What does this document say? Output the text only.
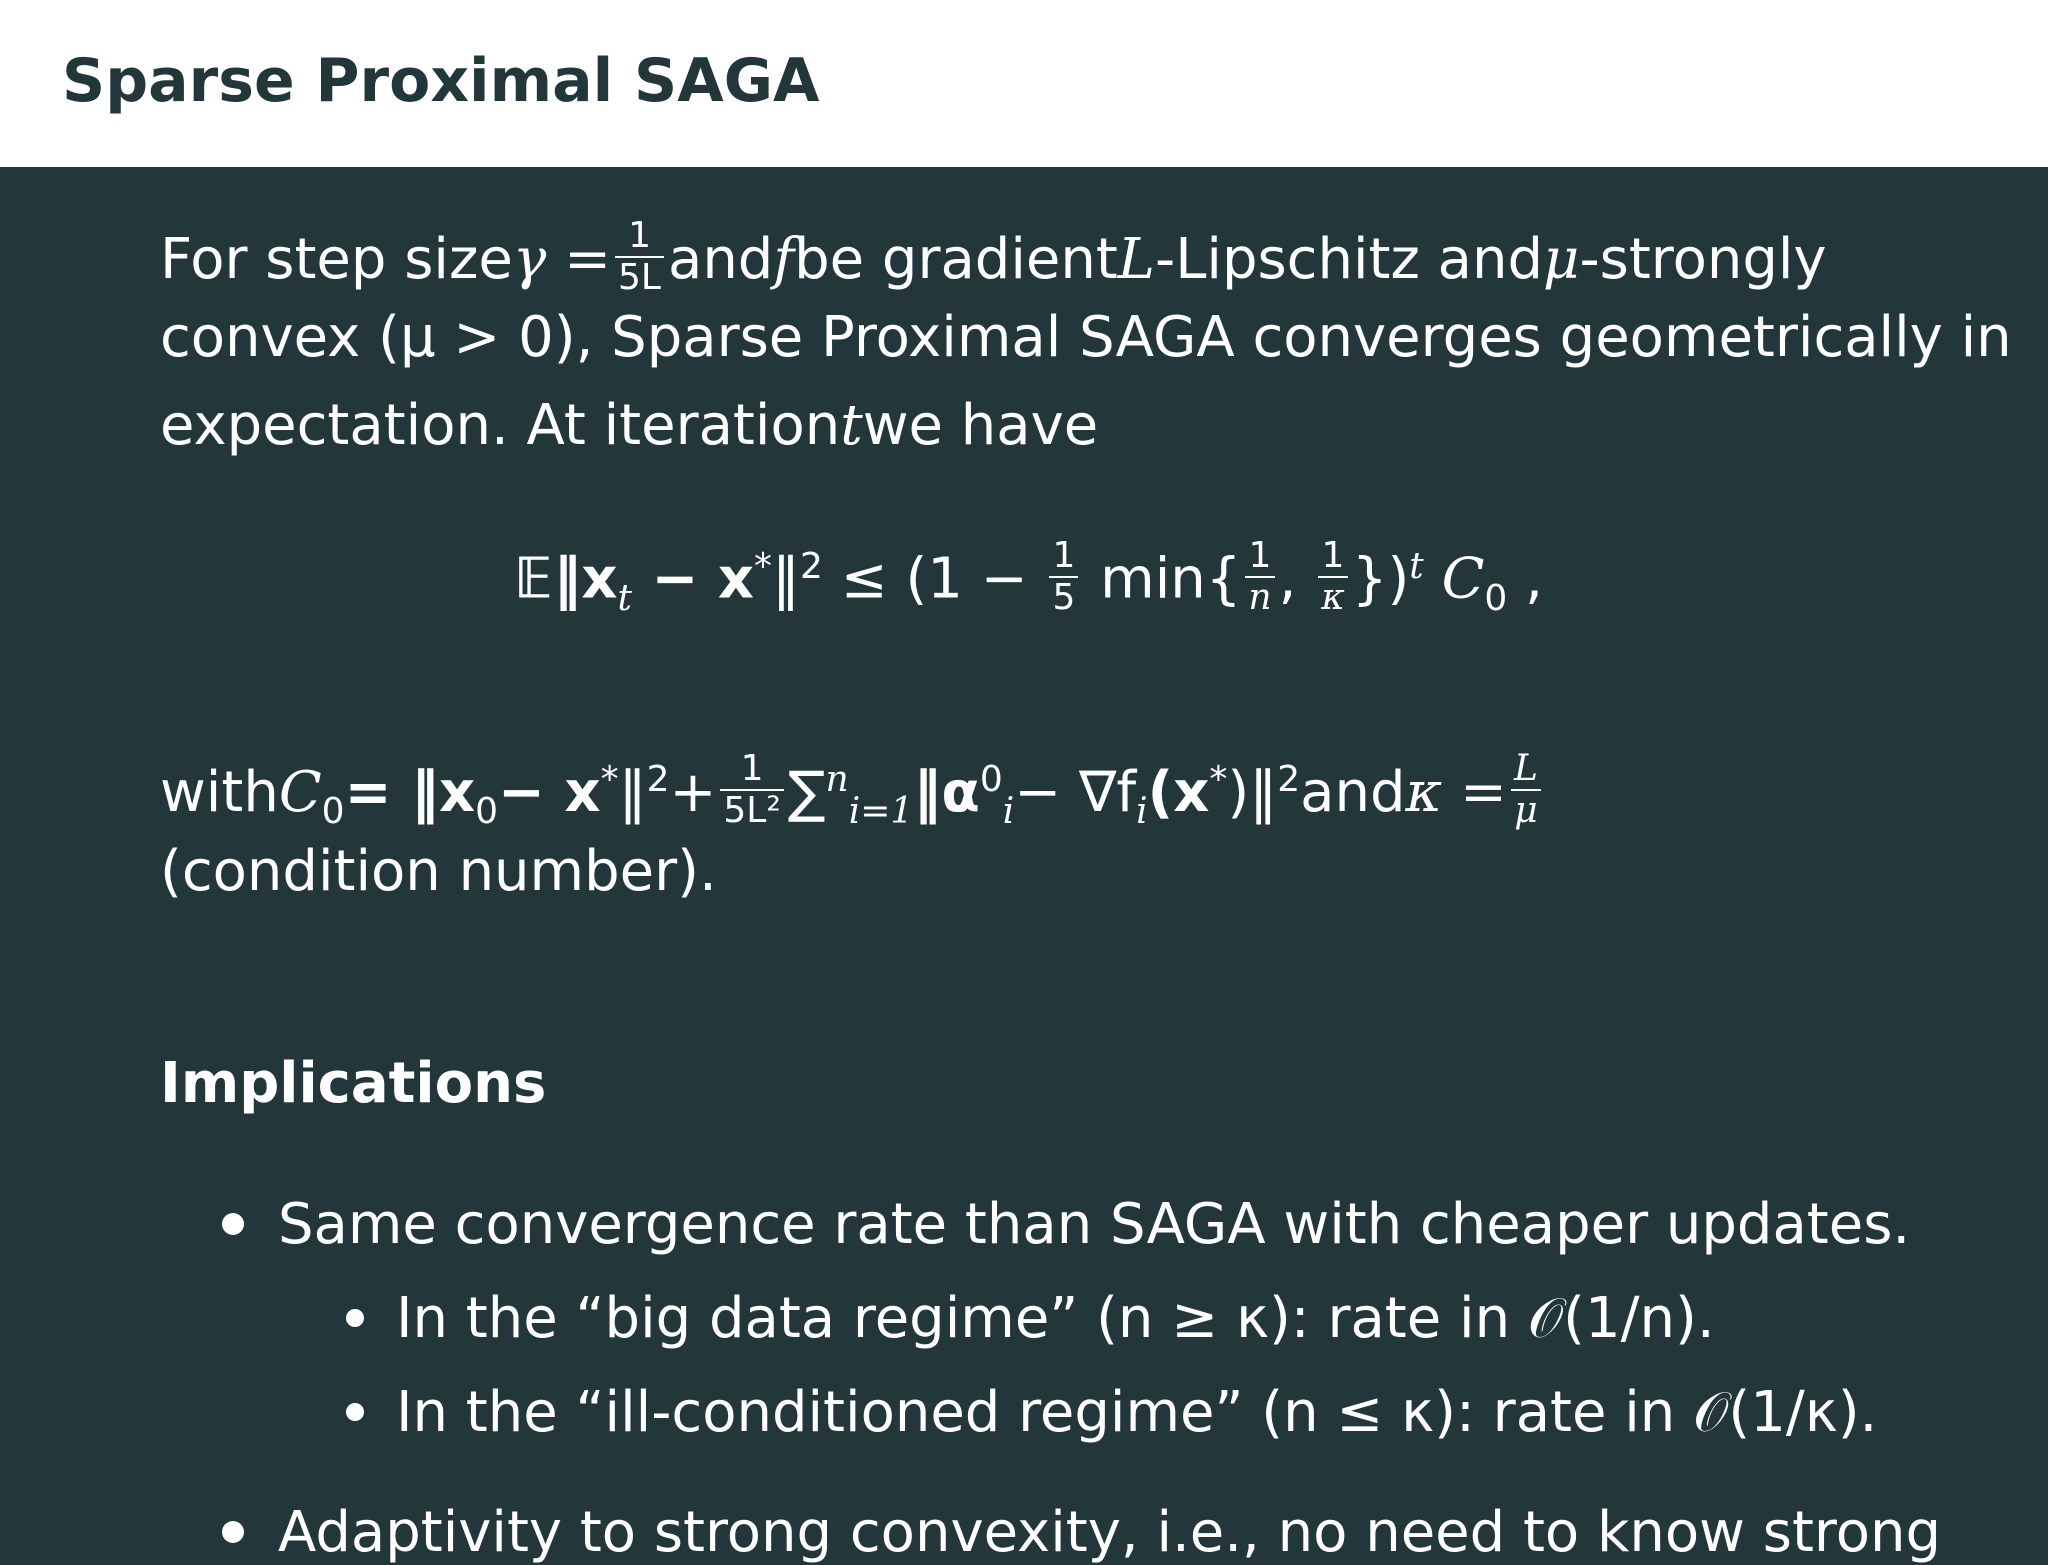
Sparse Proximal SAGA
For step sizeγ = $\frac{1}{5L}$ andfbe gradientL-Lipschitz andμ-strongly
convex (μ > 0), Sparse Proximal SAGA converges geometrically in
expectation. At iterationtwe have
$𝔼‖x_t$ − x*‖$^2$ ≤ ($1 - \frac{1}{5} \min\{ \frac{1}{n}$ , $\frac{1}{\kappa} \})^t$ $C_0$ ,
withC$_0$= $‖x_0-$ x*‖$^2$+ $\frac{1}{\text{5L²}}$ $\sum^n_{i=1}‖\alpha^0_i-$ $\nabla f_i(x^*)‖^2and\kappa = \frac{L}{\mu}$
(condition number).
Implications
Same convergence rate than SAGA with cheaper updates.
In the “big data regime” (n ≥ κ): rate in 𝒪(1/n).
In the “ill-conditioned regime” (n ≤ κ): rate in 𝒪(1/κ).
Adaptivity to strong convexity, i.e., no need to know strong
